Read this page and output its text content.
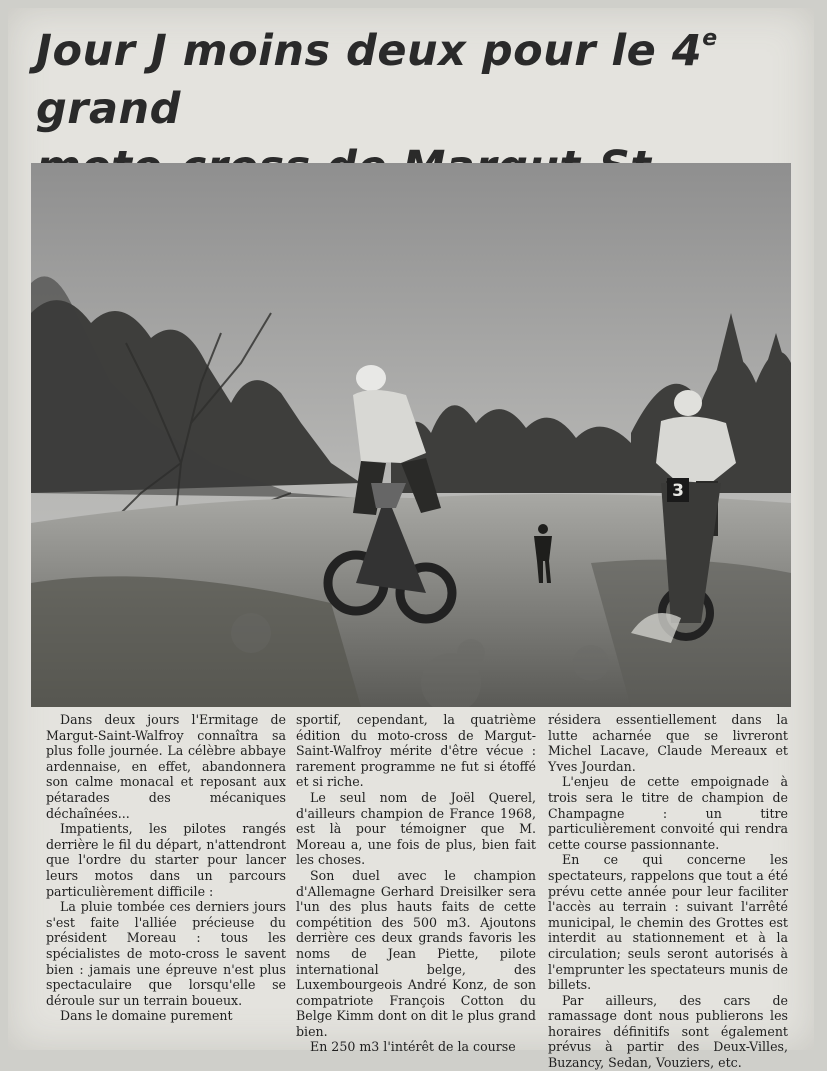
Jour J moins deux pour le 4e grand

3

Dans deux jours l'Ermitage de Margut-Saint-Walfroy connaîtra sa plus folle journée. La célèbre abbaye ardennaise, en effet, abandonnera son calme monacal et reposant aux pétarades des mécaniques déchaînées...

Impatients, les pilotes rangés derrière le fil du départ, n'attendront que l'ordre du starter pour lancer leurs motos dans un parcours particulièrement difficile :

La pluie tombée ces derniers jours s'est faite l'alliée précieuse du président Moreau : tous les spécialistes de moto-cross le savent bien : jamais une épreuve n'est plus spectaculaire que lorsqu'elle se déroule sur un terrain boueux.

Dans le domaine purement

sportif, cependant, la quatrième édition du moto-cross de Margut-Saint-Walfroy mérite d'être vécue : rarement programme ne fut si étoffé et si riche.

Le seul nom de Joël Querel, d'ailleurs champion de France 1968, est là pour témoigner que M. Moreau a, une fois de plus, bien fait les choses.

Son duel avec le champion d'Allemagne Gerhard Dreisilker sera l'un des plus hauts faits de cette compétition des 500 m3. Ajoutons derrière ces deux grands favoris les noms de Jean Piette, pilote international belge, des Luxembourgeois André Konz, de son compatriote François Cotton du Belge Kimm dont on dit le plus grand bien.

En 250 m3 l'intérêt de la course

résidera essentiellement dans la lutte acharnée que se livreront Michel Lacave, Claude Mereaux et Yves Jourdan.

L'enjeu de cette empoignade à trois sera le titre de champion de Champagne : un titre particulièrement convoité qui rendra cette course passionnante.

En ce qui concerne les spectateurs, rappelons que tout a été prévu cette année pour leur faciliter l'accès au terrain : suivant l'arrêté municipal, le chemin des Grottes est interdit au stationnement et à la circulation; seuls seront autorisés à l'emprunter les spectateurs munis de billets.

Par ailleurs, des cars de ramassage dont nous publierons les horaires définitifs sont également prévus à partir des Deux-Villes, Buzancy, Sedan, Vouziers, etc.
